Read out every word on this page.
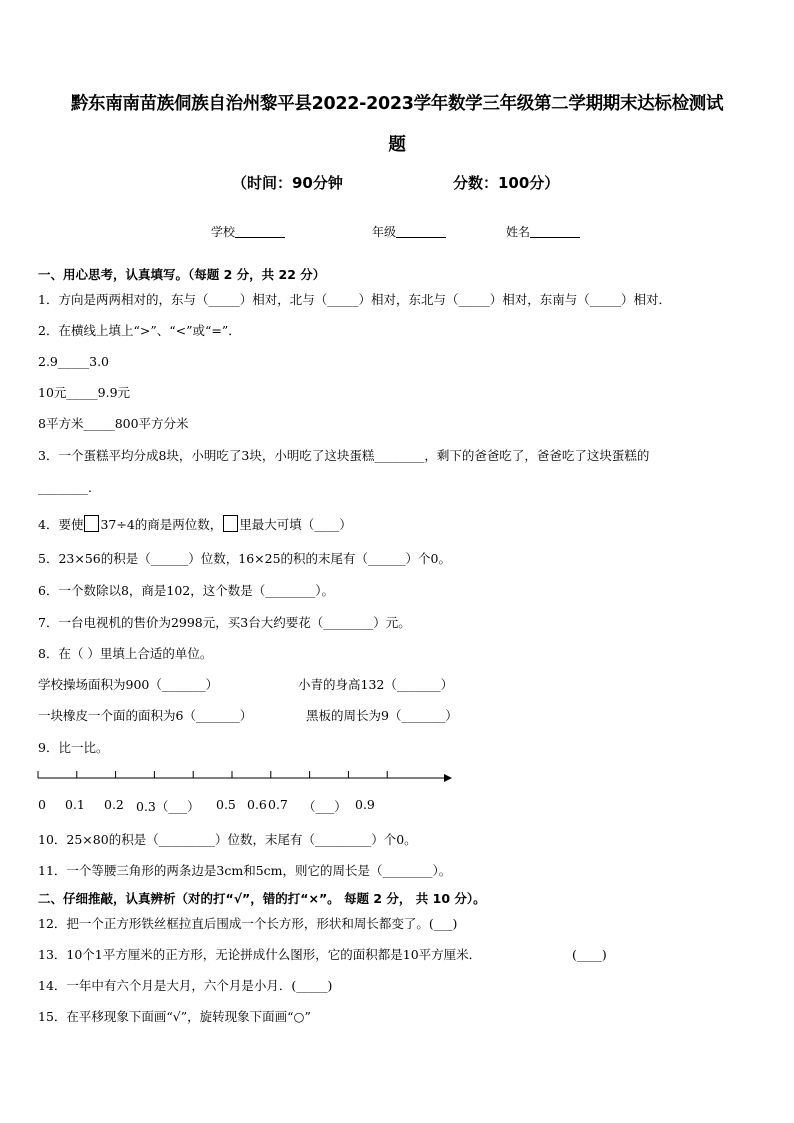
黔东南南苗族侗族自治州黎平县2022-2023学年数学三年级第二学期期末达标检测试
题
（时间：90分钟	分数：100分）
学校	年级	姓名
一、用心思考，认真填写。（每题 2 分，共 22 分）
1．方向是两两相对的，东与（_____）相对，北与（_____）相对，东北与（_____）相对，东南与（_____）相对．
2．在横线上填上“>”、“<”或“=”．
2.9_____3.0
10元_____9.9元
8平方米_____800平方分米
3．一个蛋糕平均分成8块，小明吃了3块，小明吃了这块蛋糕________，剩下的爸爸吃了，爸爸吃了这块蛋糕的
________.
4．要使 37÷4的商是两位数， 里最大可填（____）
5．23×56的积是（______）位数，16×25的积的末尾有（______）个0。
6．一个数除以8，商是102，这个数是（________）。
7．一台电视机的售价为2998元，买3台大约要花（________）元。
8．在（ ）里填上合适的单位。
学校操场面积为900（_______）	小青的身高132（_______）
一块橡皮一个面的面积为6（_______）	黑板的周长为9（_______）
9．比一比。
0 0.1 0.2 0.3（___） 0.5 0.6 0.7 （___） 0.9
10．25×80的积是（_________）位数，末尾有（_________）个0。
11．一个等腰三角形的两条边是3cm和5cm，则它的周长是（________）。
二、仔细推敲，认真辨析（对的打“√”，错的打“×”。 每题 2 分， 共 10 分）。
12．把一个正方形铁丝框拉直后围成一个长方形，形状和周长都变了。(___)
13．10个1平方厘米的正方形，无论拼成什么图形，它的面积都是10平方厘米．	(____)
14．一年中有六个月是大月，六个月是小月．(_____)
15．在平移现象下面画“√”，旋转现象下面画“○”
